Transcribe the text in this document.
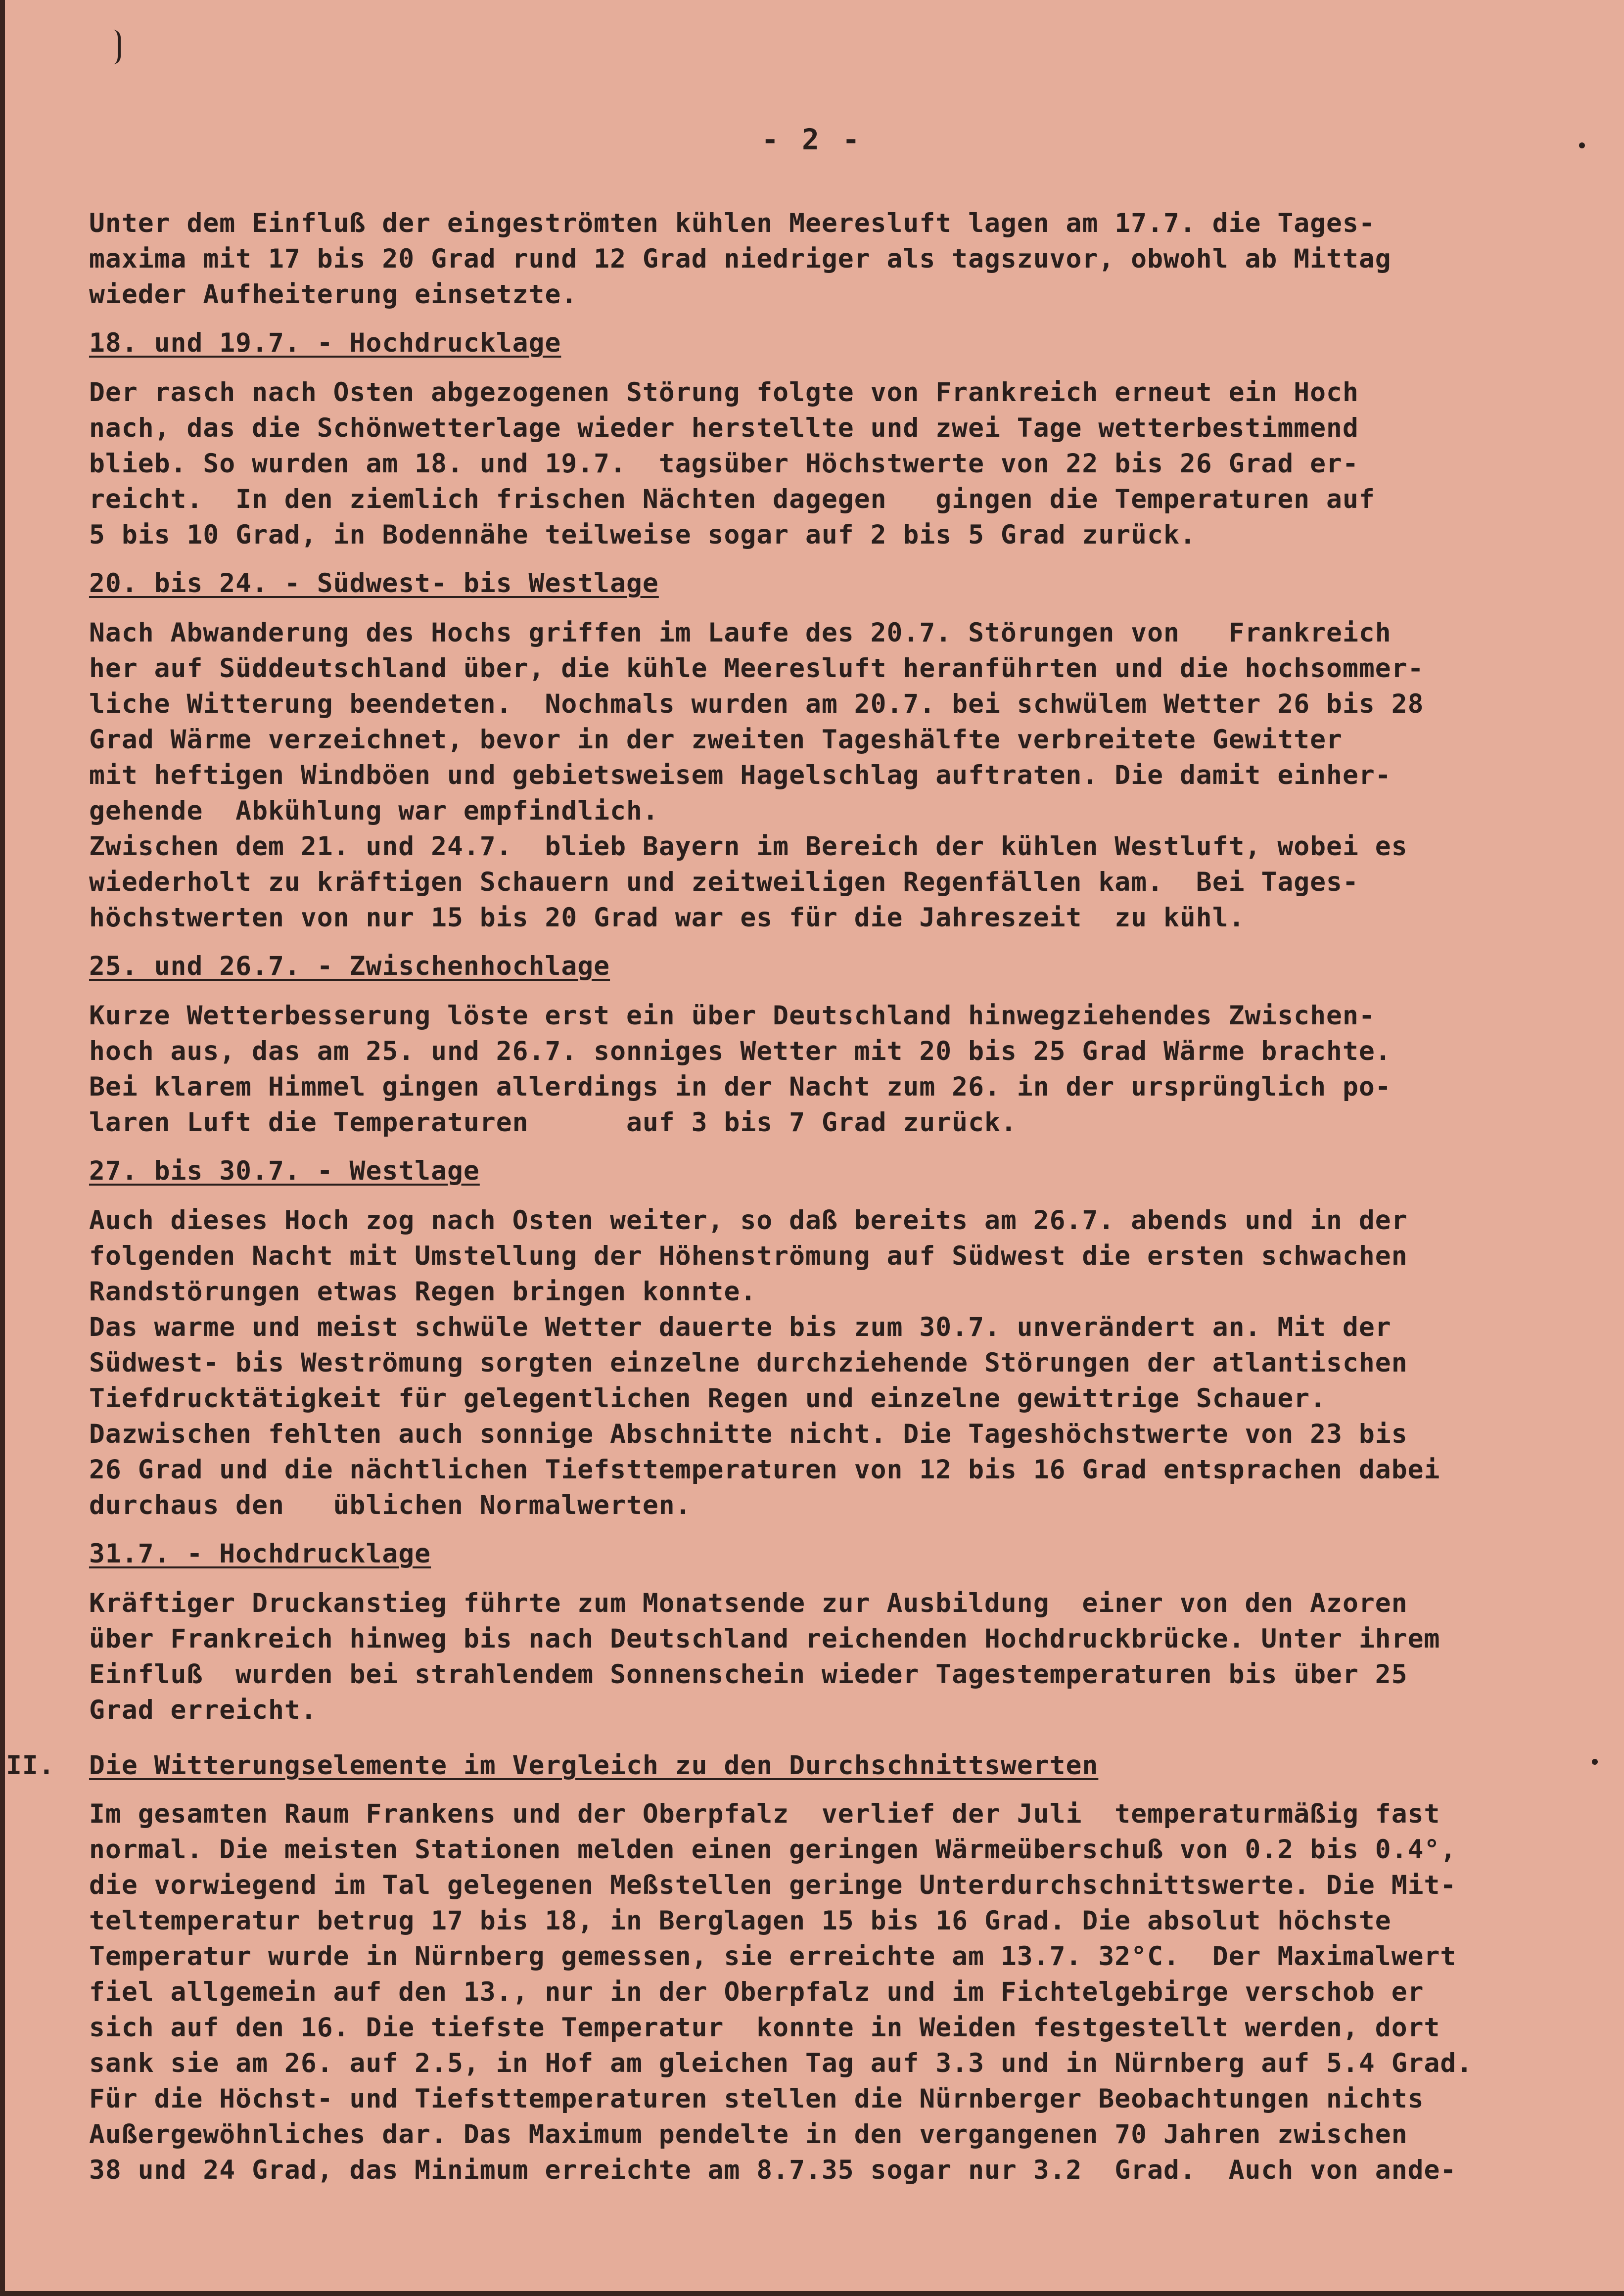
- 2 -
Unter dem Einfluß der eingeströmten kühlen Meeresluft lagen am 17.7. die Tages-
maxima mit 17 bis 20 Grad rund 12 Grad niedriger als tagszuvor, obwohl ab Mittag
wieder Aufheiterung einsetzte.
18. und 19.7. - Hochdrucklage
Der rasch nach Osten abgezogenen Störung folgte von Frankreich erneut ein Hoch
nach, das die Schönwetterlage wieder herstellte und zwei Tage wetterbestimmend
blieb. So wurden am 18. und 19.7.  tagsüber Höchstwerte von 22 bis 26 Grad er-
reicht.  In den ziemlich frischen Nächten dagegen   gingen die Temperaturen auf
5 bis 10 Grad, in Bodennähe teilweise sogar auf 2 bis 5 Grad zurück.
20. bis 24. - Südwest- bis Westlage
Nach Abwanderung des Hochs griffen im Laufe des 20.7. Störungen von   Frankreich
her auf Süddeutschland über, die kühle Meeresluft heranführten und die hochsommer-
liche Witterung beendeten.  Nochmals wurden am 20.7. bei schwülem Wetter 26 bis 28
Grad Wärme verzeichnet, bevor in der zweiten Tageshälfte verbreitete Gewitter
mit heftigen Windböen und gebietsweisem Hagelschlag auftraten. Die damit einher-
gehende  Abkühlung war empfindlich.
Zwischen dem 21. und 24.7.  blieb Bayern im Bereich der kühlen Westluft, wobei es
wiederholt zu kräftigen Schauern und zeitweiligen Regenfällen kam.  Bei Tages-
höchstwerten von nur 15 bis 20 Grad war es für die Jahreszeit  zu kühl.
25. und 26.7. - Zwischenhochlage
Kurze Wetterbesserung löste erst ein über Deutschland hinwegziehendes Zwischen-
hoch aus, das am 25. und 26.7. sonniges Wetter mit 20 bis 25 Grad Wärme brachte.
Bei klarem Himmel gingen allerdings in der Nacht zum 26. in der ursprünglich po-
laren Luft die Temperaturen      auf 3 bis 7 Grad zurück.
27. bis 30.7. - Westlage
Auch dieses Hoch zog nach Osten weiter, so daß bereits am 26.7. abends und in der
folgenden Nacht mit Umstellung der Höhenströmung auf Südwest die ersten schwachen
Randstörungen etwas Regen bringen konnte.
Das warme und meist schwüle Wetter dauerte bis zum 30.7. unverändert an. Mit der
Südwest- bis Weströmung sorgten einzelne durchziehende Störungen der atlantischen
Tiefdrucktätigkeit für gelegentlichen Regen und einzelne gewittrige Schauer.
Dazwischen fehlten auch sonnige Abschnitte nicht. Die Tageshöchstwerte von 23 bis
26 Grad und die nächtlichen Tiefsttemperaturen von 12 bis 16 Grad entsprachen dabei
durchaus den   üblichen Normalwerten.
31.7. - Hochdrucklage
Kräftiger Druckanstieg führte zum Monatsende zur Ausbildung  einer von den Azoren
über Frankreich hinweg bis nach Deutschland reichenden Hochdruckbrücke. Unter ihrem
Einfluß  wurden bei strahlendem Sonnenschein wieder Tagestemperaturen bis über 25
Grad erreicht.
II. Die Witterungselemente im Vergleich zu den Durchschnittswerten
Im gesamten Raum Frankens und der Oberpfalz  verlief der Juli  temperaturmäßig fast
normal. Die meisten Stationen melden einen geringen Wärmeüberschuß von 0.2 bis 0.4°,
die vorwiegend im Tal gelegenen Meßstellen geringe Unterdurchschnittswerte. Die Mit-
teltemperatur betrug 17 bis 18, in Berglagen 15 bis 16 Grad. Die absolut höchste
Temperatur wurde in Nürnberg gemessen, sie erreichte am 13.7. 32°C.  Der Maximalwert
fiel allgemein auf den 13., nur in der Oberpfalz und im Fichtelgebirge verschob er
sich auf den 16. Die tiefste Temperatur  konnte in Weiden festgestellt werden, dort
sank sie am 26. auf 2.5, in Hof am gleichen Tag auf 3.3 und in Nürnberg auf 5.4 Grad.
Für die Höchst- und Tiefsttemperaturen stellen die Nürnberger Beobachtungen nichts
Außergewöhnliches dar. Das Maximum pendelte in den vergangenen 70 Jahren zwischen
38 und 24 Grad, das Minimum erreichte am 8.7.35 sogar nur 3.2  Grad.  Auch von ande-
